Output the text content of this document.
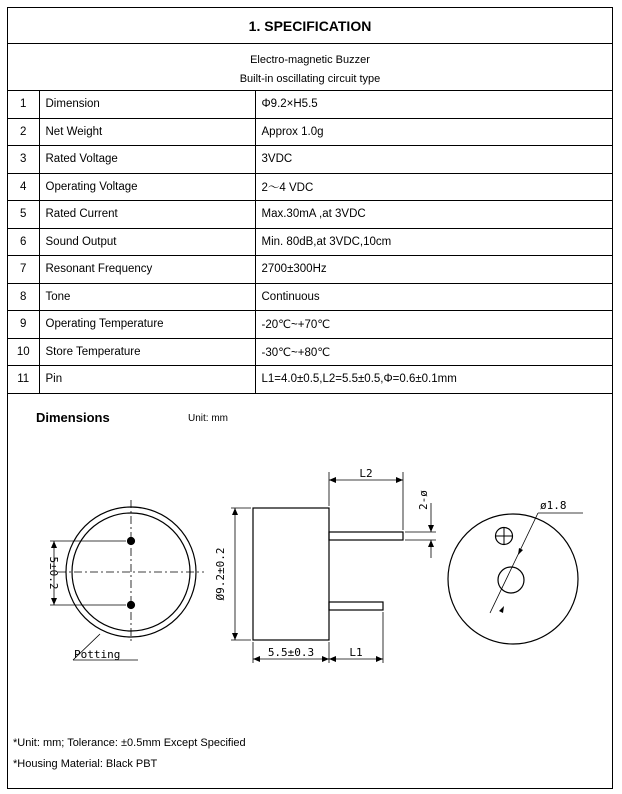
1. SPECIFICATION
Electro-magnetic Buzzer
Built-in oscillating circuit type
1	Dimension	Φ9.2×H5.5
2	Net Weight	Approx 1.0g
3	Rated Voltage	3VDC
4	Operating Voltage	2～4 VDC
5	Rated Current	Max.30mA ,at 3VDC
6	Sound Output	Min. 80dB,at 3VDC,10cm
7	Resonant Frequency	2700±300Hz
8	Tone	Continuous
9	Operating Temperature	-20℃~+70℃
10	Store Temperature	-30℃~+80℃
11	Pin	L1=4.0±0.5,L2=5.5±0.5,Φ=0.6±0.1mm
Dimensions	Unit: mm
5±0.2
Potting
Ø9.2±0.2
5.5±0.3	L1
L2
2-ø	ø1.8
*Unit: mm; Tolerance: ±0.5mm Except Specified
*Housing Material: Black PBT
